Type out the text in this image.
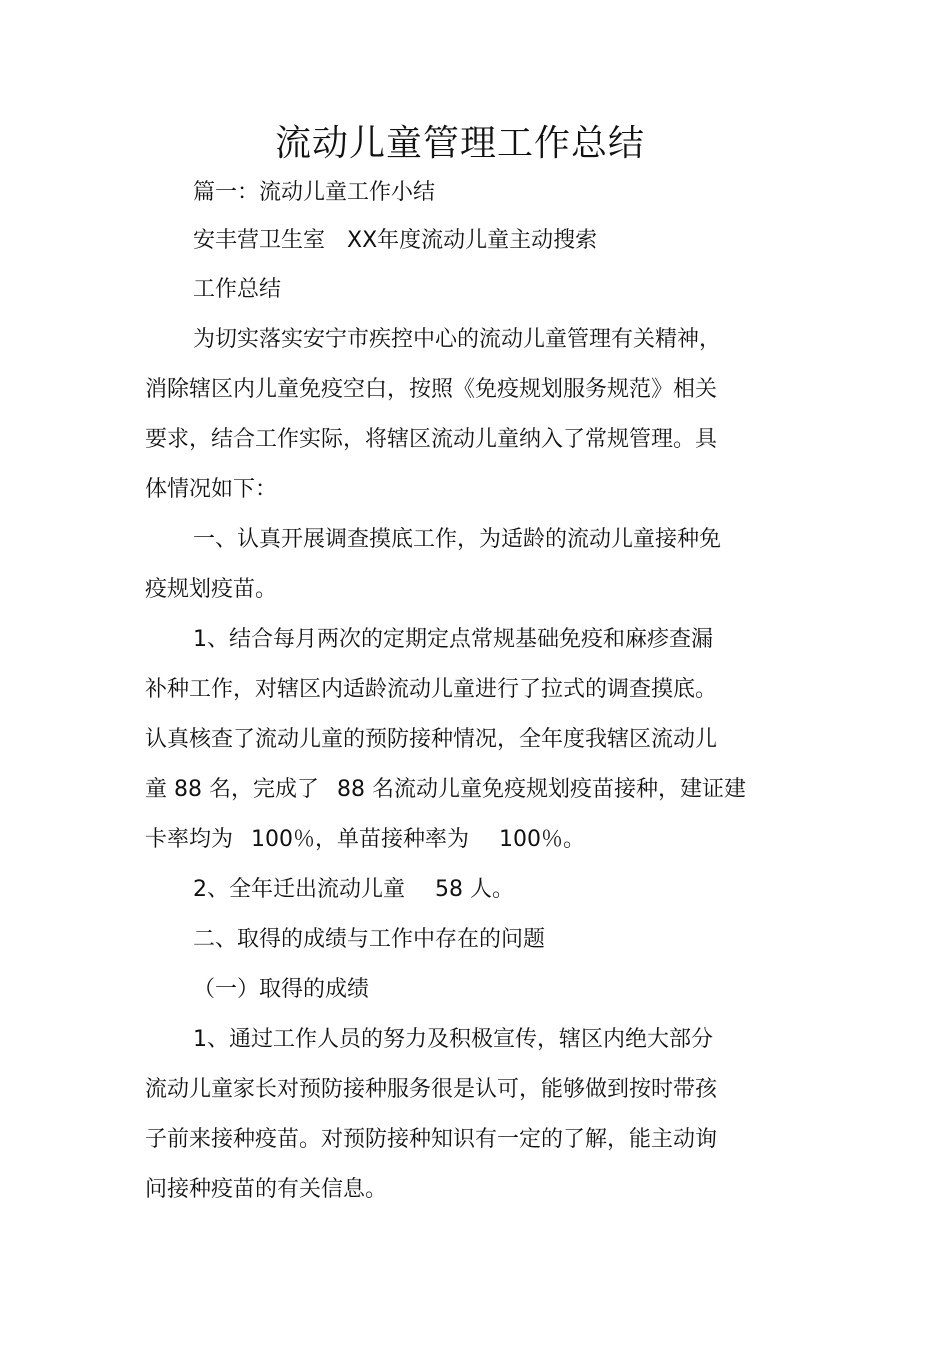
流动儿童管理工作总结
篇一：流动儿童工作小结
安丰营卫生室 XX年度流动儿童主动搜索
工作总结
为切实落实安宁市疾控中心的流动儿童管理有关精神，
消除辖区内儿童免疫空白，按照《免疫规划服务规范》相关
要求，结合工作实际，将辖区流动儿童纳入了常规管理。具
体情况如下：
一、认真开展调查摸底工作，为适龄的流动儿童接种免
疫规划疫苗。
1、结合每月两次的定期定点常规基础免疫和麻疹查漏
补种工作，对辖区内适龄流动儿童进行了拉式的调查摸底。
认真核查了流动儿童的预防接种情况，全年度我辖区流动儿
童 88 名，完成了 88 名流动儿童免疫规划疫苗接种，建证建
卡率均为 100％，单苗接种率为 100％。
2、全年迁出流动儿童 58 人。
二、取得的成绩与工作中存在的问题
（一）取得的成绩
1、通过工作人员的努力及积极宣传，辖区内绝大部分
流动儿童家长对预防接种服务很是认可，能够做到按时带孩
子前来接种疫苗。对预防接种知识有一定的了解，能主动询
问接种疫苗的有关信息。
